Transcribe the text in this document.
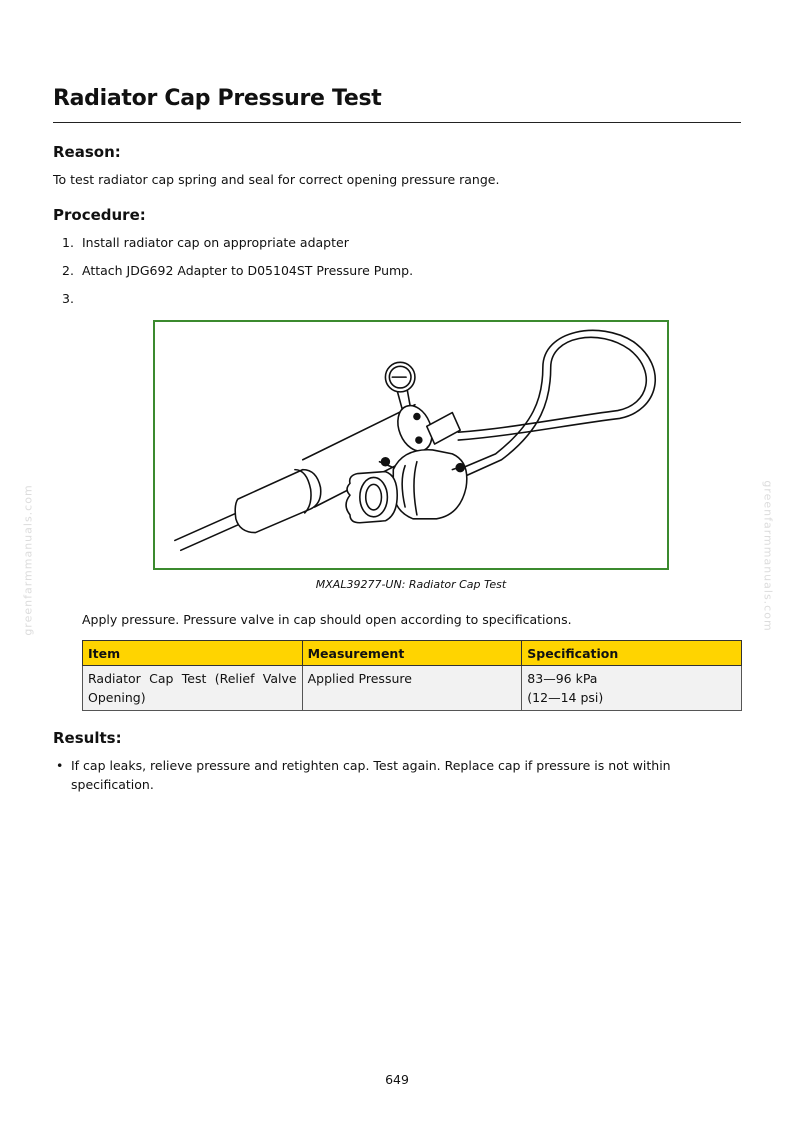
Radiator Cap Pressure Test
Reason:

To test radiator cap spring and seal for correct opening pressure range.

Procedure:
1. Install radiator cap on appropriate adapter
2. Attach JDG692 Adapter to D05104ST Pressure Pump.
3.
MXAL39277-UN: Radiator Cap Test

Apply pressure. Pressure valve in cap should open according to specifications.

Item	Measurement	Specification
Radiator Cap Test (Relief Valve Opening)	Applied Pressure	83—96 kPa
(12—14 psi)
Results:
• If cap leaks, relieve pressure and retighten cap. Test again. Replace cap if pressure is not within specification.
greenfarmmanuals.com	greenfarmmanuals.com
649
